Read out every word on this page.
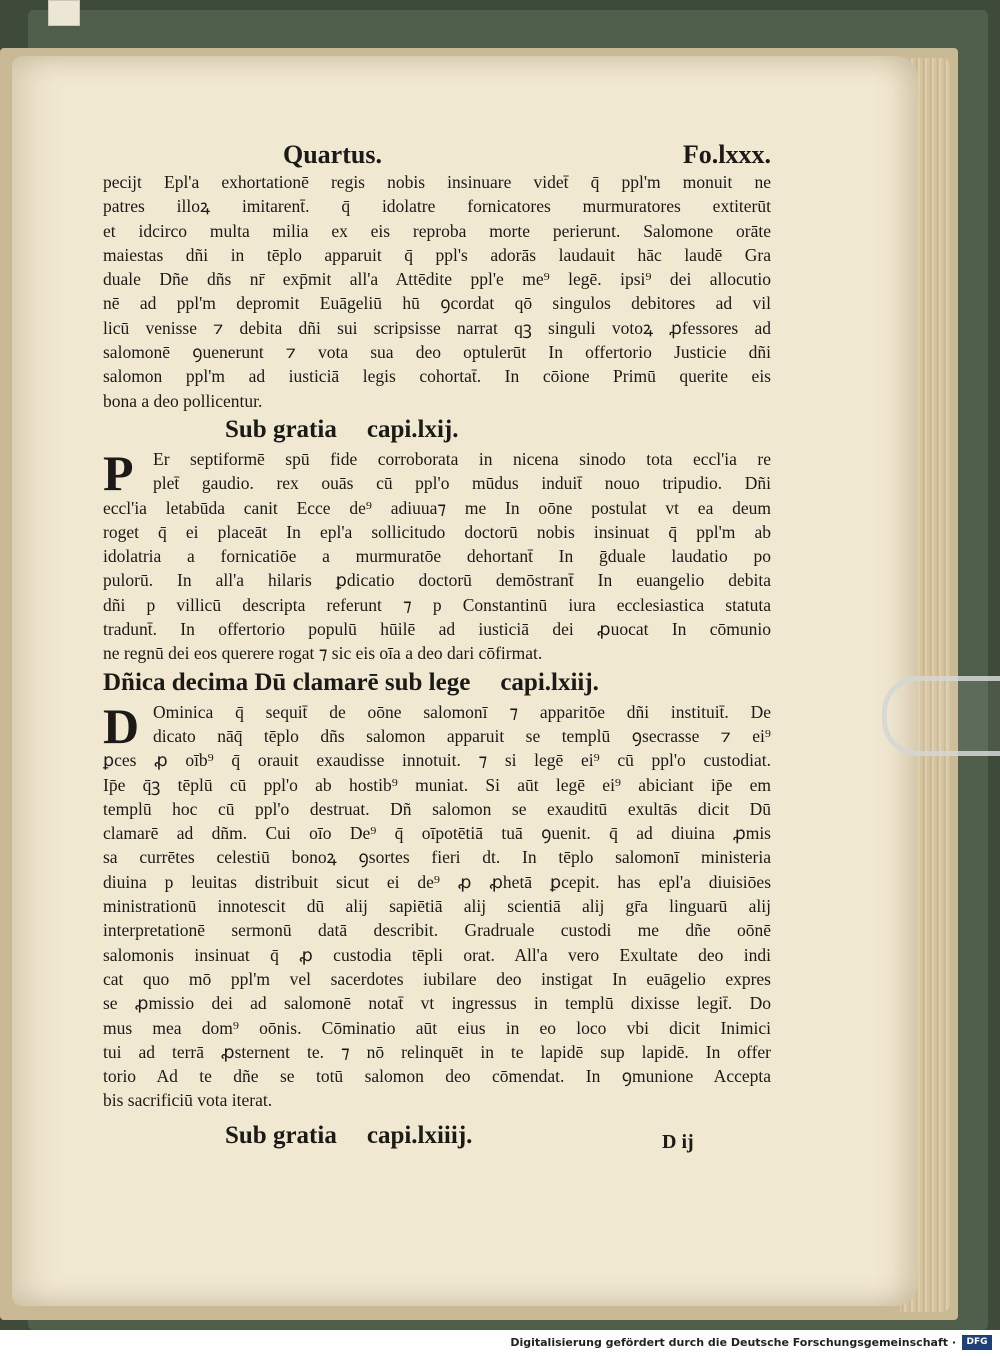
Quartus.	Fo.lxxx.
pecijt Epl'a exhortationē regis nobis insinuare videt̄ q̄ ppl'm monuit ne
patres illoꝝ imitarent̄. q̄ idolatre fornicatores murmuratores extiterūt
et idcirco multa milia ex eis reproba morte perierunt. Salomone orāte
maiestas dñi in tēplo apparuit q̄ ppl's adorās laudauit hāc laudē Gra
duale Dñe dñs nr̄ exp̄mit all'a Attēdite ppl'e me⁹ legē. ipsi⁹ dei allocutio
nē ad ppl'm depromit Euāgeliū hū ꝯcordat qō singulos debitores ad vil
licū venisse ⁊ debita dñi sui scripsisse narrat qꝫ singuli votoꝝ ꝓfessores ad
salomonē ꝯuenerunt ⁊ vota sua deo optulerūt In offertorio Justicie dñi
salomon ppl'm ad iusticiā legis cohortat̄. In cōione Primū querite eis
bona a deo pollicentur.
Sub gratia capi.lxij.
P	Er septiformē spū fide corroborata in nicena sinodo tota eccl'ia re
plet̄ gaudio. rex ouās cū ppl'o mūdus induit̄ nouo tripudio. Dñi
eccl'ia letabūda canit Ecce de⁹ adiuua⁊ me In oōne postulat vt ea deum
roget q̄ ei placeāt In epl'a sollicitudo doctorū nobis insinuat q̄ ppl'm ab
idolatria a fornicatiōe a murmuratōe dehortant̄ In ḡduale laudatio po
pulorū. In all'a hilaris ꝑdicatio doctorū demōstrant̄ In euangelio debita
dñi p villicū descripta referunt ⁊ p Constantinū iura ecclesiastica statuta
tradunt̄. In offertorio populū hūilē ad iusticiā dei ꝓuocat In cōmunio
ne regnū dei eos querere rogat ⁊ sic eis oīa a deo dari cōfirmat.
Dñica decima Dū clamarē sub lege capi.lxiij.
D Ominica q̄ sequit̄ de oōne salomonī ⁊ apparitōe dñi instituit̄. De
dicato nāq̄ tēplo dñs salomon apparuit se templū ꝯsecrasse ⁊ ei⁹
ꝑces ꝓ oīb⁹ q̄ orauit exaudisse innotuit. ⁊ si legē ei⁹ cū ppl'o custodiat.
Ip̄e q̄ꝫ tēplū cū ppl'o ab hostib⁹ muniat. Si aūt legē ei⁹ abiciant ip̄e em
templū hoc cū ppl'o destruat. Dñ salomon se exauditū exultās dicit Dū
clamarē ad dñm. Cui oīo De⁹ q̄ oīpotētiā tuā ꝯuenit. q̄ ad diuina ꝓmis
sa currētes celestiū bonoꝝ ꝯsortes fieri dt. In tēplo salomonī ministeria
diuina p leuitas distribuit sicut ei de⁹ ꝓ ꝓhetā ꝑcepit. has epl'a diuisiōes
ministrationū innotescit dū alij sapiētiā alij scientiā alij gr̄a linguarū alij
interpretationē sermonū datā describit. Gradruale custodi me dñe oōnē
salomonis insinuat q̄ ꝓ custodia tēpli orat. All'a vero Exultate deo indi
cat quo mō ppl'm vel sacerdotes iubilare deo instigat In euāgelio expres
se ꝓmissio dei ad salomonē notat̄ vt ingressus in templū dixisse legit̄. Do
mus mea dom⁹ oōnis. Cōminatio aūt eius in eo loco vbi dicit Inimici
tui ad terrā ꝓsternent te. ⁊ nō relinquēt in te lapidē sup lapidē. In offer
torio Ad te dñe se totū salomon deo cōmendat. In ꝯmunione Accepta
bis sacrificiū vota iterat.
Sub gratia capi.lxiiij.	D ij
Digitalisierung gefördert durch die Deutsche Forschungsgemeinschaft ·	DFG
